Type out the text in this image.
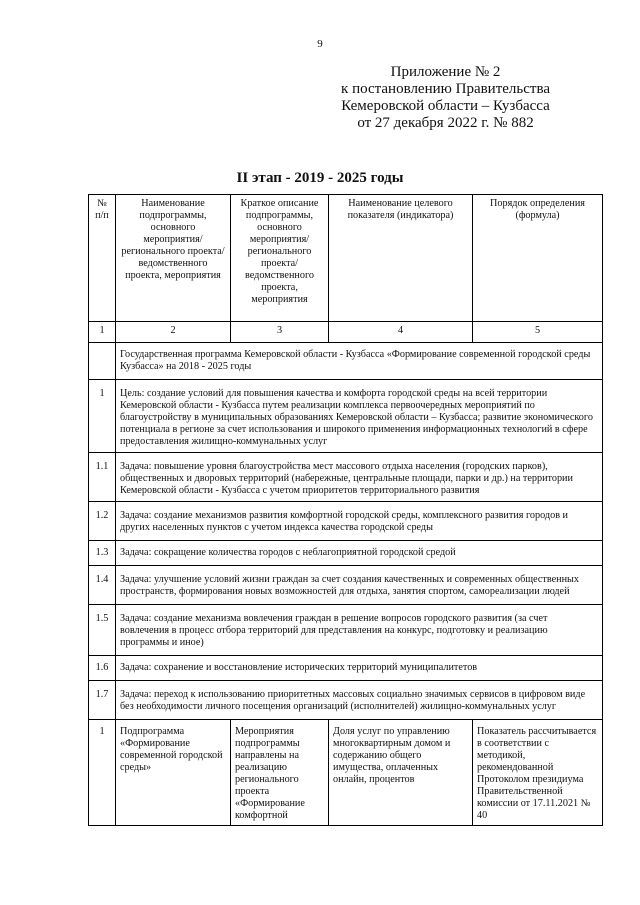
9
Приложение № 2
к постановлению Правительства
Кемеровской области – Кузбасса
от 27 декабря 2022 г. № 882
II этап - 2019 - 2025 годы
№ п/п	Наименование подпрограммы, основного мероприятия/ регионального проекта/ ведомственного проекта, мероприятия	Краткое описание подпрограммы, основного мероприятия/ регионального проекта/ ведомственного проекта, мероприятия	Наименование целевого показателя (индикатора)	Порядок определения (формула)
1	2	3	4	5
	Государственная программа Кемеровской области - Кузбасса «Формирование современной городской среды Кузбасса» на 2018 - 2025 годы			
1	Цель: создание условий для повышения качества и комфорта городской среды на всей территории Кемеровской области - Кузбасса путем реализации комплекса первоочередных мероприятий по благоустройству в муниципальных образованиях Кемеровской области – Кузбасса; развитие экономического потенциала в регионе за счет использования и широкого применения информационных технологий в сфере предоставления жилищно-коммунальных услуг			
1.1	Задача: повышение уровня благоустройства мест массового отдыха населения (городских парков), общественных и дворовых территорий (набережные, центральные площади, парки и др.) на территории Кемеровской области - Кузбасса с учетом приоритетов территориального развития			
1.2	Задача: создание механизмов развития комфортной городской среды, комплексного развития городов и других населенных пунктов с учетом индекса качества городской среды			
1.3	Задача: сокращение количества городов с неблагоприятной городской средой			
1.4	Задача: улучшение условий жизни граждан за счет создания качественных и современных общественных пространств, формирования новых возможностей для отдыха, занятия спортом, самореализации людей			
1.5	Задача: создание механизма вовлечения граждан в решение вопросов городского развития (за счет вовлечения в процесс отбора территорий для представления на конкурс, подготовку и реализацию программы и иное)			
1.6	Задача: сохранение и восстановление исторических территорий муниципалитетов			
1.7	Задача: переход к использованию приоритетных массовых социально значимых сервисов в цифровом виде без необходимости личного посещения организаций (исполнителей) жилищно-коммунальных услуг			
1	Подпрограмма «Формирование современной городской среды»	Мероприятия подпрограммы направлены на реализацию регионального проекта «Формирование комфортной	Доля услуг по управлению многоквартирным домом и содержанию общего имущества, оплаченных онлайн, процентов	Показатель рассчитывается в соответствии с методикой, рекомендованной Протоколом президиума Правительственной комиссии от 17.11.2021 № 40
